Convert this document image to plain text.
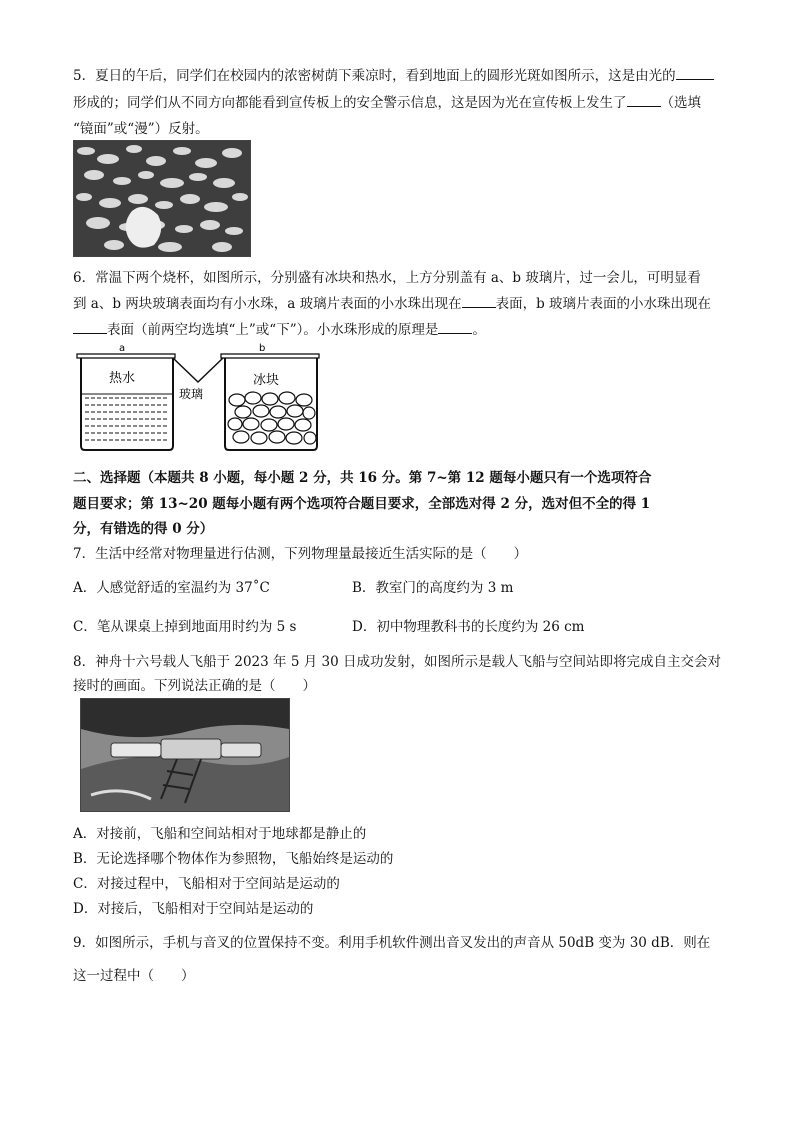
5．夏日的午后，同学们在校园内的浓密树荫下乘凉时，看到地面上的圆形光斑如图所示，这是由光的
形成的；同学们从不同方向都能看到宣传板上的安全警示信息，这是因为光在宣传板上发生了	（选填
“镜面”或“漫”）反射。
6．常温下两个烧杯，如图所示，分别盛有冰块和热水，上方分别盖有 a、b 玻璃片，过一会儿，可明显看
到 a、b 两块玻璃表面均有小水珠，a 玻璃片表面的小水珠出现在	表面，b 玻璃片表面的小水珠出现在
表面（前两空均选填“上”或“下”）。小水珠形成的原理是	。
a	b
热水
玻璃
冰块
二、选择题（本题共 8 小题，每小题 2 分，共 16 分。第 7~第 12 题每小题只有一个选项符合
题目要求；第 13~20 题每小题有两个选项符合题目要求，全部选对得 2 分，选对但不全的得 1
分，有错选的得 0 分）
7．生活中经常对物理量进行估测，下列物理量最接近生活实际的是（　　）
A．人感觉舒适的室温约为 37˚C	B．教室门的高度约为 3 m
C．笔从课桌上掉到地面用时约为 5 s	D．初中物理教科书的长度约为 26 cm
8．神舟十六号载人飞船于 2023 年 5 月 30 日成功发射，如图所示是载人飞船与空间站即将完成自主交会对
接时的画面。下列说法正确的是（　　）
A．对接前，飞船和空间站相对于地球都是静止的
B．无论选择哪个物体作为参照物，飞船始终是运动的
C．对接过程中，飞船相对于空间站是运动的
D．对接后，飞船相对于空间站是运动的
9．如图所示，手机与音叉的位置保持不变。利用手机软件测出音叉发出的声音从 50dB 变为 30 dB．则在
这一过程中（　　）
